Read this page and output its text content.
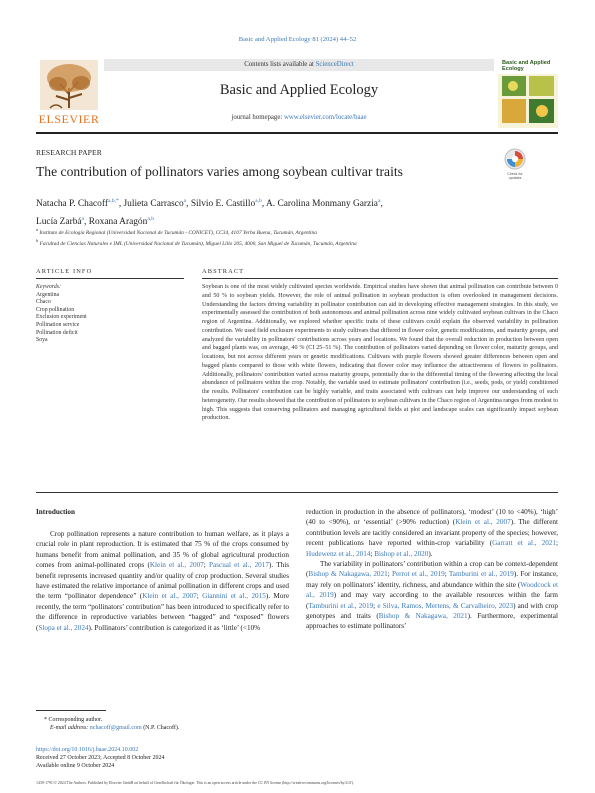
Basic and Applied Ecology 81 (2024) 44–52
ELSEVIER
Contents lists available at ScienceDirect
Basic and Applied Ecology
journal homepage: www.elsevier.com/locate/baae
Basic and Applied Ecology
RESEARCH PAPER
The contribution of pollinators varies among soybean cultivar traits	Check for updates
Natacha P. Chacoff$^{a,b,*}$, Julieta Carrasco$^a$, Silvio E. Castillo$^{a,b}$, A. Carolina Monmany Garzia$^a$,
Lucía Zarbá$^a$, Roxana Aragón$^{a,b}$
$^a$ Instituto de Ecología Regional (Universidad Nacional de Tucumán - CONICET), CC34, 4107 Yerba Buena, Tucumán, Argentina
$^b$ Facultad de Ciencias Naturales e IML (Universidad Nacional de Tucumán), Miguel Lillo 205, 4000, San Miguel de Tucumán, Tucumán, Argentina
ARTICLE INFO	ABSTRACT
Keywords:
Argentina
Chaco
Crop pollination
Exclusion experiment
Pollination service
Pollination deficit
Soya
Soybean is one of the most widely cultivated species worldwide. Empirical studies have shown that animal pollination can contribute between 0 and 50 % to soybean yields. However, the role of animal pollination in soybean production is often overlooked in management decisions. Understanding the factors driving variability in pollinator contribution can aid in developing effective management strategies. In this study, we experimentally assessed the contribution of both autonomous and animal pollination across nine widely cultivated soybean cultivars in the Chaco region of Argentina. Additionally, we explored whether specific traits of these cultivars could explain the observed variability in pollination contribution. We used field exclusure experiments to study cultivars that differed in flower color, genetic modifications, and maturity groups, and analyzed the variability in pollinators' contributions across years and locations. We found that the overall reduction in production between open and bagged plants was, on average, 40 % (CI 25–51 %). The contribution of pollinators varied depending on flower color, maturity groups, and locations, but not across different years or genetic modifications. Cultivars with purple flowers showed greater differences between open and bagged plants compared to those with white flowers, indicating that flower color may influence the attractiveness of flowers to pollinators. Additionally, pollinators' contribution varied across maturity groups, potentially due to the differential timing of the flowering affecting the local abundance of pollinators within the crop. Notably, the variable used to estimate pollinators' contribution (i.e., seeds, pods, or yield) conditioned the results. Pollinators' contribution can be highly variable, and traits associated with cultivars can help improve our understanding of such heterogeneity. Our results showed that the contribution of pollinators to soybean cultivars in the Chaco region of Argentina ranges from modest to high. This suggests that conserving pollinators and managing agricultural fields at plot and landscape scales can significantly impact soybean production.
Introduction
Crop pollination represents a nature contribution to human welfare, as it plays a crucial role in plant reproduction. It is estimated that 75 % of the crops consumed by humans benefit from animal pollination, and 35 % of global agricultural production comes from animal-pollinated crops (Klein et al., 2007; Pascual et al., 2017). This benefit represents increased quantity and/or quality of crop production. Several studies have estimated the relative importance of animal pollination in different crops and used the term “pollinator dependence” (Klein et al., 2007; Giannini et al., 2015). More recently, the term “pollinators’ contribution” has been introduced to specifically refer to the difference in reproductive variables between “bagged” and “exposed” flowers (Slopa et al., 2024). Pollinators’ contribution is categorized it as ‘little’ (<10%

reduction in production in the absence of pollinators), ‘modest’ (10 to <40%), ‘high’ (40 to <90%), or ‘essential’ (>90% reduction) (Klein et al., 2007). The different contribution levels are tacitly considered an invariant property of the species; however, recent publications have reported within-crop variability (Garratt et al., 2021; Hudewenz et al., 2014; Bishop et al., 2020).

The variability in pollinators’ contribution within a crop can be context-dependent (Bishop & Nakagawa, 2021; Perrot et al., 2019; Tamburini et al., 2019). For instance, may rely on pollinators’ identity, richness, and abundance within the site (Woodcock et al., 2019) and may vary according to the available resources within the farm (Tamburini et al., 2019; e Silva, Ramos, Mertens, & Carvalheiro, 2023) and with crop genotypes and traits (Bishop & Nakagawa, 2021). Furthermore, experimental approaches to estimate pollinators’

* Corresponding author.
E-mail address: nchacoff@gmail.com (N.P. Chacoff).
https://doi.org/10.1016/j.baae.2024.10.002
Received 27 October 2023; Accepted 8 October 2024
Available online 9 October 2024
1439-1791/© 2024 The Authors. Published by Elsevier GmbH on behalf of Gesellschaft für Ökologie. This is an open access article under the CC BY license (http://creativecommons.org/licenses/by/4.0/).
